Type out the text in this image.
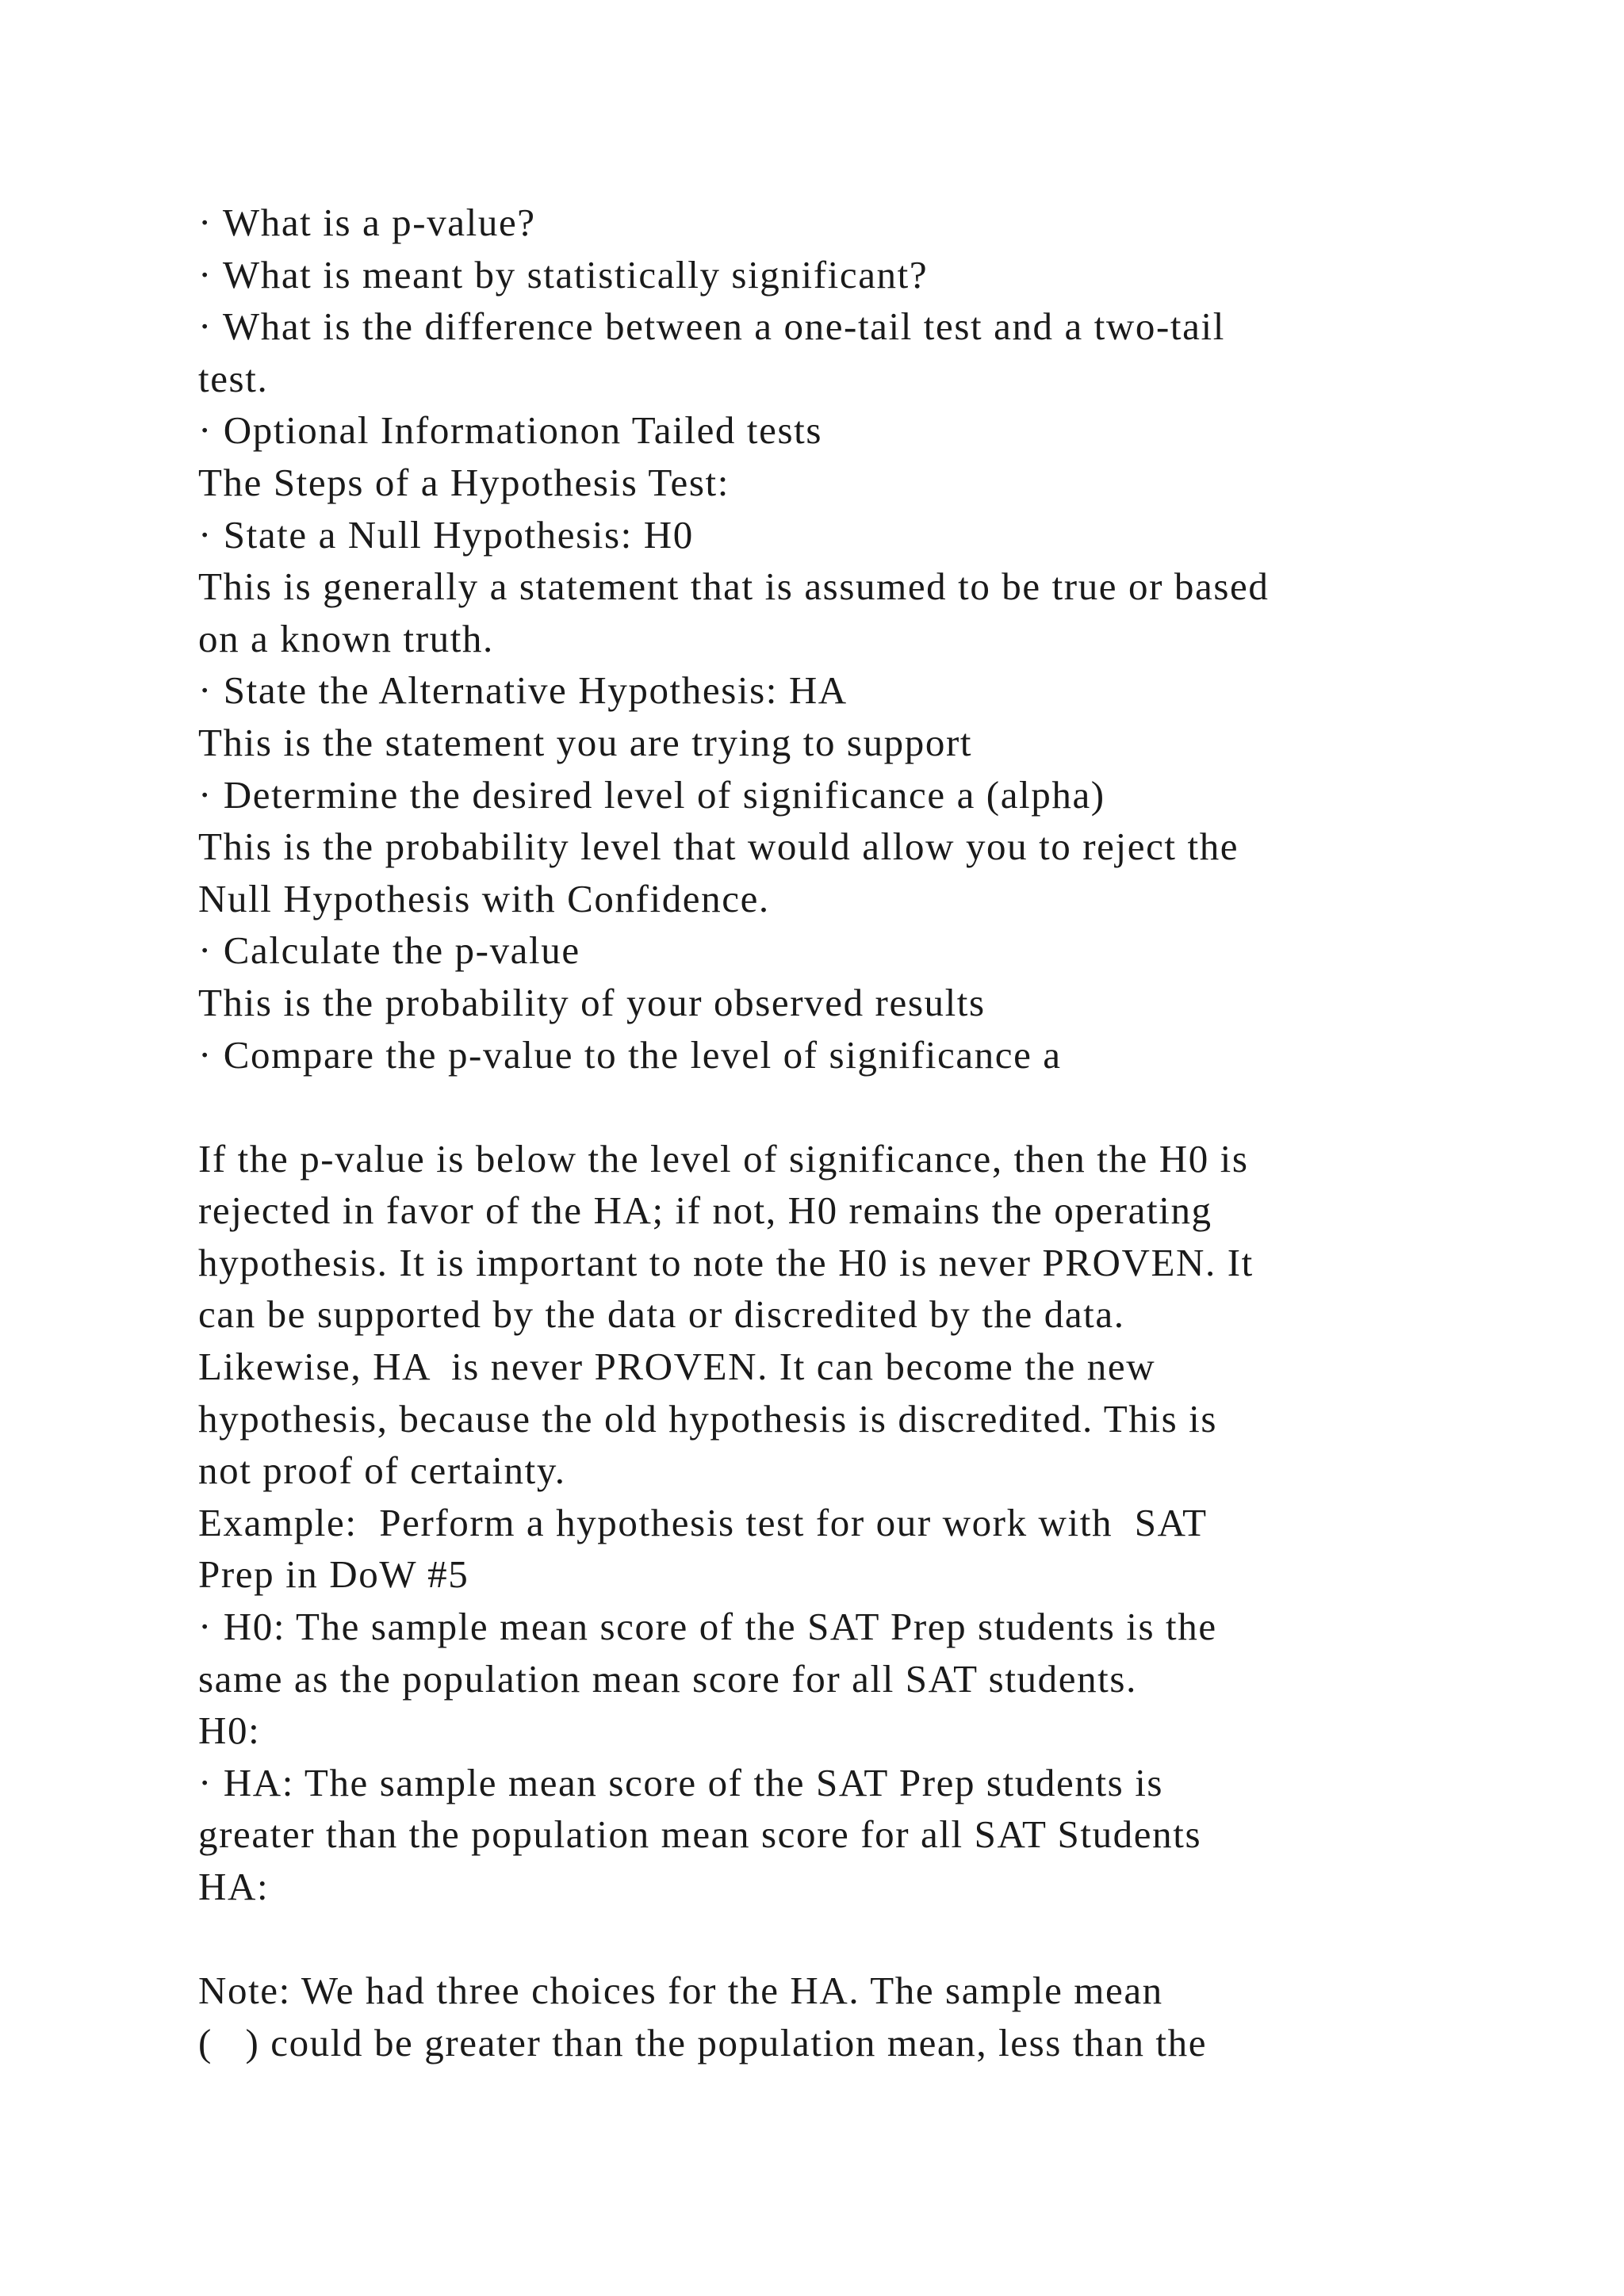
· What is a p-value?
· What is meant by statistically significant?
· What is the difference between a one-tail test and a two-tail
test.
· Optional Informationon Tailed tests
The Steps of a Hypothesis Test:
· State a Null Hypothesis: H0
This is generally a statement that is assumed to be true or based
on a known truth.
· State the Alternative Hypothesis: HA
This is the statement you are trying to support
· Determine the desired level of significance a (alpha)
This is the probability level that would allow you to reject the
Null Hypothesis with Confidence.
· Calculate the p-value
This is the probability of your observed results
· Compare the p-value to the level of significance a
If the p-value is below the level of significance, then the H0 is
rejected in favor of the HA; if not, H0 remains the operating
hypothesis. It is important to note the H0 is never PROVEN. It
can be supported by the data or discredited by the data.
Likewise, HA  is never PROVEN. It can become the new
hypothesis, because the old hypothesis is discredited. This is
not proof of certainty.
Example:  Perform a hypothesis test for our work with  SAT
Prep in DoW #5
· H0: The sample mean score of the SAT Prep students is the
same as the population mean score for all SAT students.
H0:
· HA: The sample mean score of the SAT Prep students is
greater than the population mean score for all SAT Students
HA:
Note: We had three choices for the HA. The sample mean
(   ) could be greater than the population mean, less than the
